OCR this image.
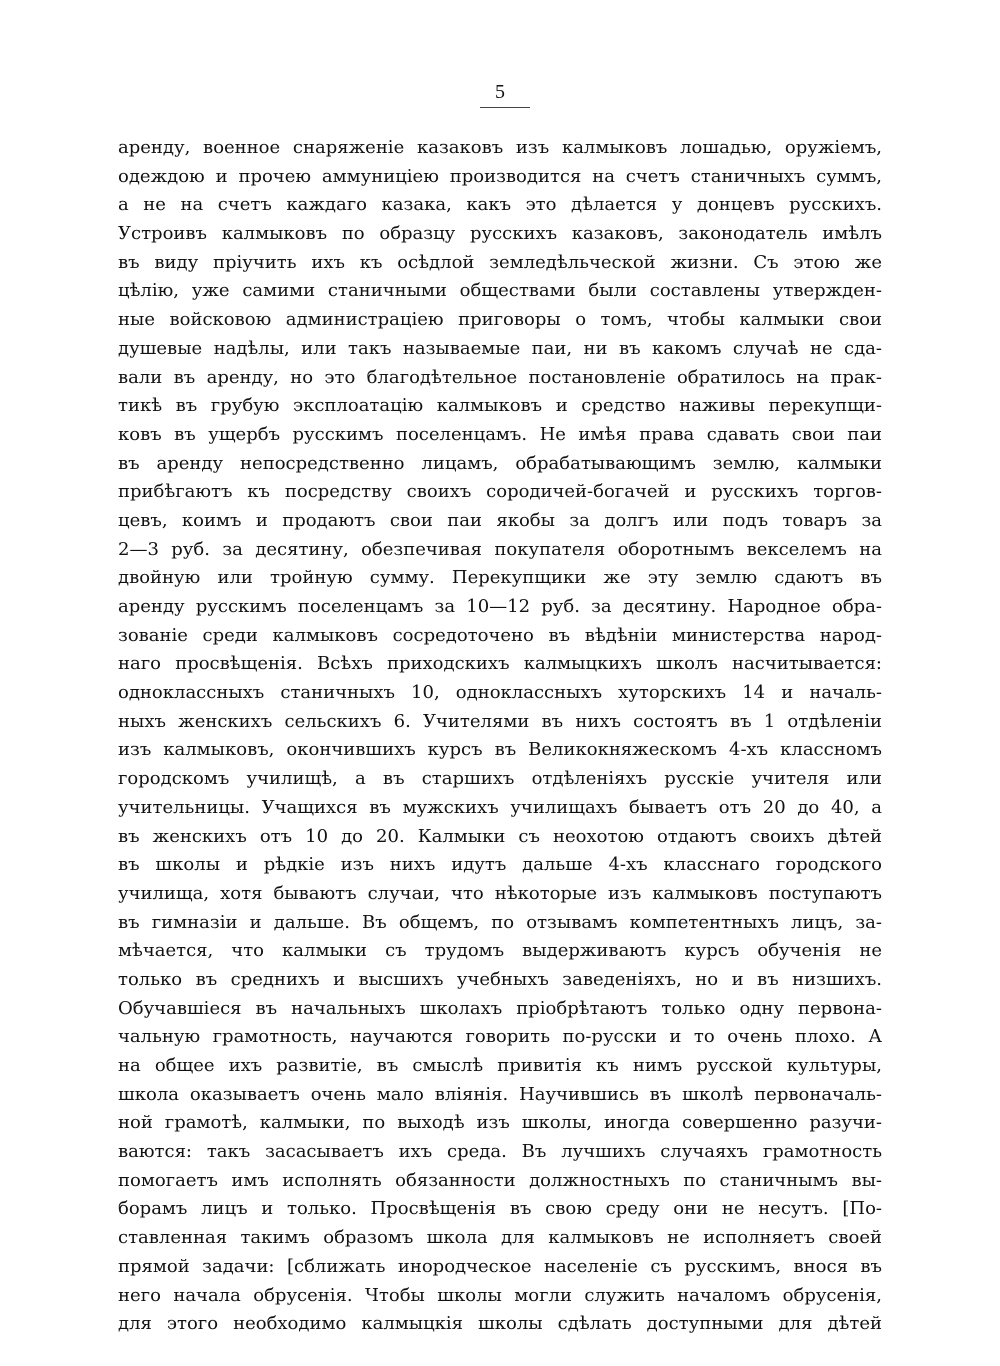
5
аренду, военное снаряженіе казаковъ изъ калмыковъ лошадью, оружіемъ,
одеждою и прочею аммуниціею производится на счетъ станичныхъ суммъ,
а не на счетъ каждаго казака, какъ это дѣлается у донцевъ русскихъ.
Устроивъ калмыковъ по образцу русскихъ казаковъ, законодатель имѣлъ
въ виду пріучить ихъ къ осѣдлой земледѣльческой жизни. Съ этою же
цѣлію, уже самими станичными обществами были составлены утвержден-
ные войсковою администраціею приговоры о томъ, чтобы калмыки свои
душевые надѣлы, или такъ называемые паи, ни въ какомъ случаѣ не сда-
вали въ аренду, но это благодѣтельное постановленіе обратилось на прак-
тикѣ въ грубую эксплоатацію калмыковъ и средство наживы перекупщи-
ковъ въ ущербъ русскимъ поселенцамъ. Не имѣя права сдавать свои паи
въ аренду непосредственно лицамъ, обрабатывающимъ землю, калмыки
прибѣгаютъ къ посредству своихъ сородичей-богачей и русскихъ торгов-
цевъ, коимъ и продаютъ свои паи якобы за долгъ или подъ товаръ за
2—3 руб. за десятину, обезпечивая покупателя оборотнымъ векселемъ на
двойную или тройную сумму. Перекупщики же эту землю сдаютъ въ
аренду русскимъ поселенцамъ за 10—12 руб. за десятину. Народное обра-
зованіе среди калмыковъ сосредоточено въ вѣдѣніи министерства народ-
наго просвѣщенія. Всѣхъ приходскихъ калмыцкихъ школъ насчитывается:
одноклассныхъ станичныхъ 10, одноклассныхъ хуторскихъ 14 и началь-
ныхъ женскихъ сельскихъ 6. Учителями въ нихъ состоятъ въ 1 отдѣленіи
изъ калмыковъ, окончившихъ курсъ въ Великокняжескомъ 4-хъ классномъ
городскомъ училищѣ, а въ старшихъ отдѣленіяхъ русскіе учителя или
учительницы. Учащихся въ мужскихъ училищахъ бываетъ отъ 20 до 40, а
въ женскихъ отъ 10 до 20. Калмыки съ неохотою отдаютъ своихъ дѣтей
въ школы и рѣдкіе изъ нихъ идутъ дальше 4-хъ класснаго городского
училища, хотя бываютъ случаи, что нѣкоторые изъ калмыковъ поступаютъ
въ гимназіи и дальше. Въ общемъ, по отзывамъ компетентныхъ лицъ, за-
мѣчается, что калмыки съ трудомъ выдерживаютъ курсъ обученія не
только въ среднихъ и высшихъ учебныхъ заведеніяхъ, но и въ низшихъ.
Обучавшіеся въ начальныхъ школахъ пріобрѣтаютъ только одну первона-
чальную грамотность, научаются говорить по-русски и то очень плохо. А
на общее ихъ развитіе, въ смыслѣ привитія къ нимъ русской культуры,
школа оказываетъ очень мало вліянія. Научившись въ школѣ первоначаль-
ной грамотѣ, калмыки, по выходѣ изъ школы, иногда совершенно разучи-
ваются: такъ засасываетъ ихъ среда. Въ лучшихъ случаяхъ грамотность
помогаетъ имъ исполнять обязанности должностныхъ по станичнымъ вы-
борамъ лицъ и только. Просвѣщенія въ свою среду они не несутъ. [По-
ставленная такимъ образомъ школа для калмыковъ не исполняетъ своей
прямой задачи: [сближать инородческое населеніе съ русскимъ, внося въ
него начала обрусенія. Чтобы школы могли служить началомъ обрусенія,
для этого необходимо калмыцкія школы сдѣлать доступными для дѣтей
